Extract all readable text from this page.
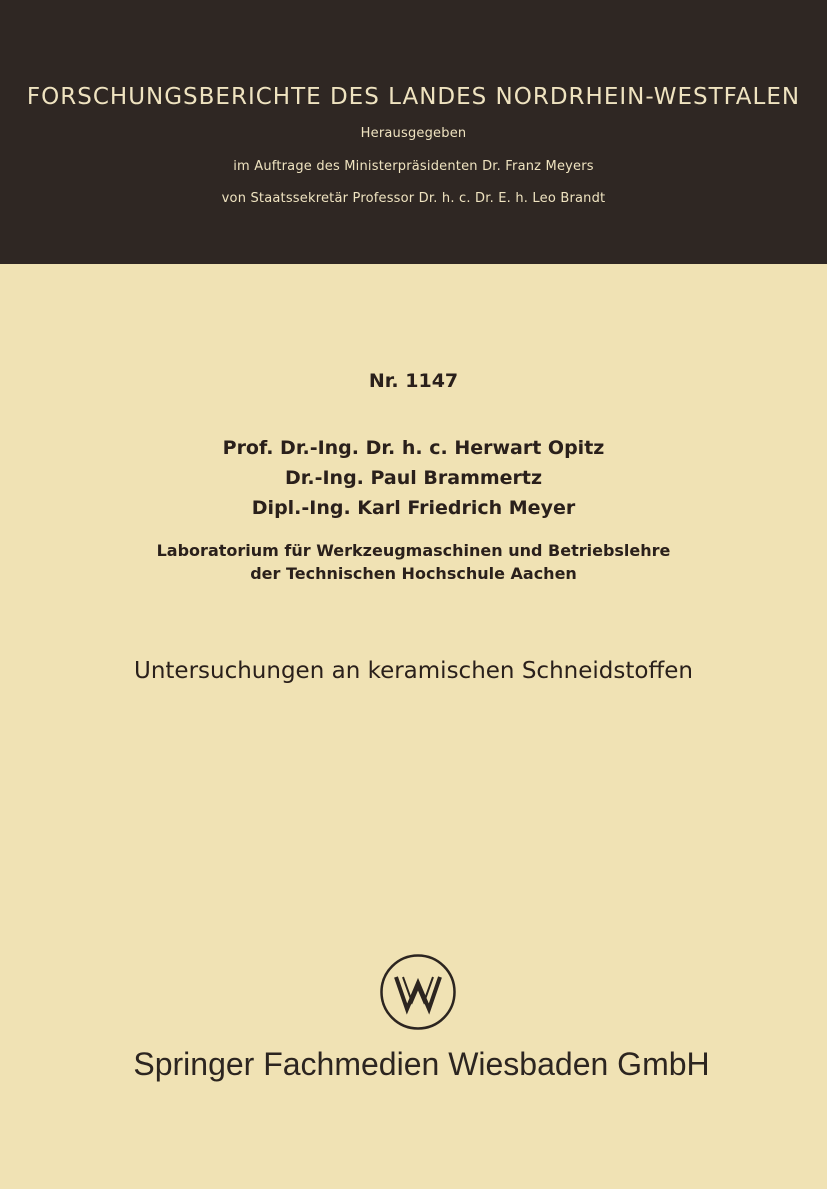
FORSCHUNGSBERICHTE DES LANDES NORDRHEIN-WESTFALEN
Herausgegeben
im Auftrage des Ministerpräsidenten Dr. Franz Meyers
von Staatssekretär Professor Dr. h. c. Dr. E. h. Leo Brandt
Nr. 1147
Prof. Dr.-Ing. Dr. h. c. Herwart Opitz
Dr.-Ing. Paul Brammertz
Dipl.-Ing. Karl Friedrich Meyer
Laboratorium für Werkzeugmaschinen und Betriebslehre
der Technischen Hochschule Aachen
Untersuchungen an keramischen Schneidstoffen
Springer Fachmedien Wiesbaden GmbH
